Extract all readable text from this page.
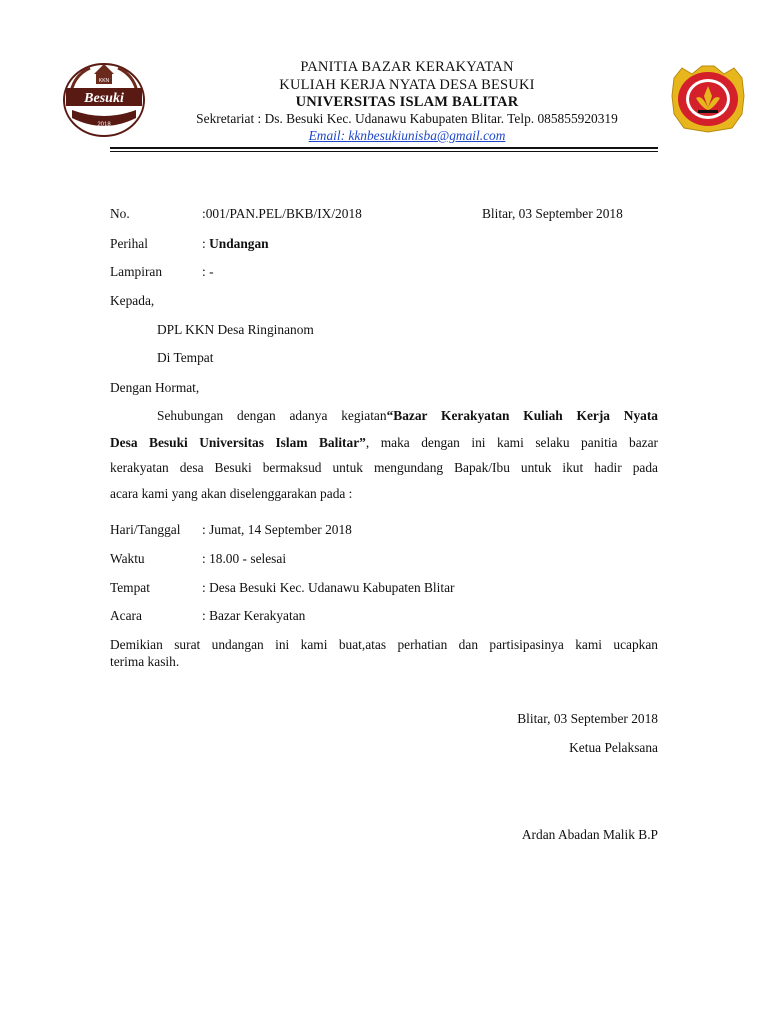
KKN
Besuki
2018
PANITIA BAZAR KERAKYATAN
KULIAH KERJA NYATA DESA BESUKI
UNIVERSITAS ISLAM BALITAR
Sekretariat : Ds. Besuki Kec. Udanawu Kabupaten Blitar. Telp. 085855920319
Email: kknbesukiunisba@gmail.com
No.	:001/PAN.PEL/BKB/IX/2018	Blitar, 03 September 2018
Perihal	: Undangan
Lampiran	: -
Kepada,
DPL KKN Desa Ringinanom
Di Tempat
Dengan Hormat,
Sehubungan dengan adanya kegiatan“Bazar Kerakyatan Kuliah Kerja Nyata
Desa Besuki Universitas Islam Balitar”, maka dengan ini kami selaku panitia bazar
kerakyatan desa Besuki bermaksud untuk mengundang Bapak/Ibu untuk ikut hadir pada
acara kami yang akan diselenggarakan pada :
Hari/Tanggal : Jumat, 14 September 2018
Waktu	: 18.00 - selesai
Tempat	: Desa Besuki Kec. Udanawu Kabupaten Blitar
Acara	: Bazar Kerakyatan
Demikian surat undangan ini kami buat,atas perhatian dan partisipasinya kami ucapkan
terima kasih.
Blitar, 03 September 2018
Ketua Pelaksana
Ardan Abadan Malik B.P
